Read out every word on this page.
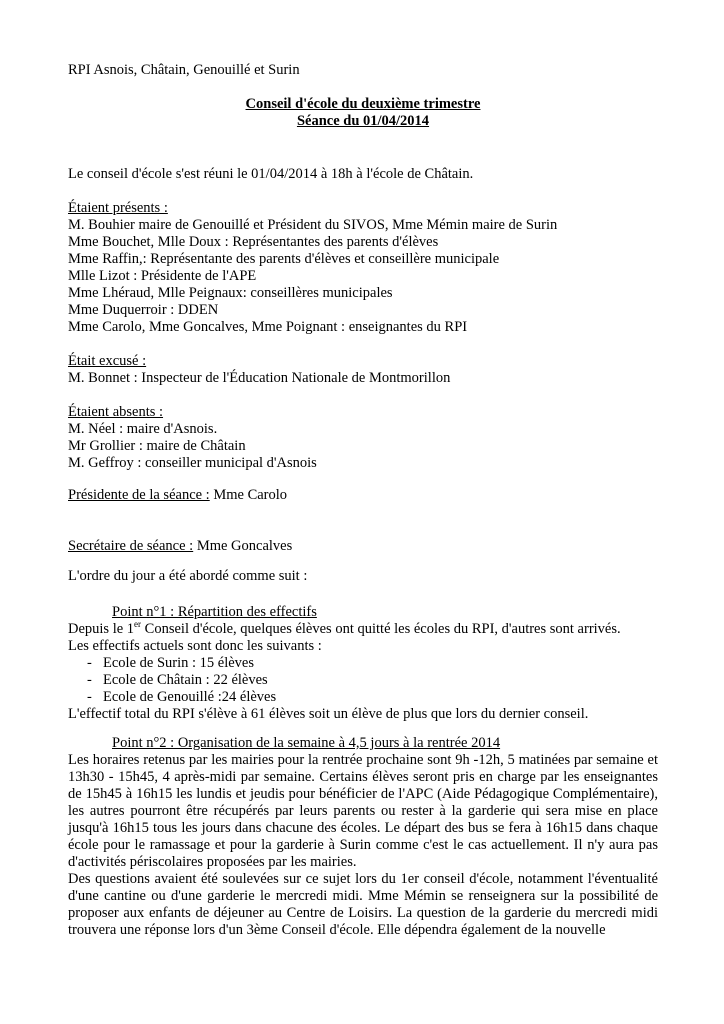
RPI Asnois, Châtain, Genouillé et Surin
Conseil d'école du deuxième trimestre
Séance du 01/04/2014
Le conseil d'école s'est réuni le 01/04/2014 à 18h à l'école de Châtain.
Étaient présents :
M. Bouhier maire de Genouillé et Président du SIVOS, Mme Mémin maire de Surin
Mme Bouchet, Mlle Doux : Représentantes des parents d'élèves
Mme Raffin,: Représentante des parents d'élèves et conseillère municipale
Mlle Lizot : Présidente de l'APE
Mme Lhéraud, Mlle Peignaux: conseillères municipales
Mme Duquerroir : DDEN
Mme Carolo, Mme Goncalves, Mme Poignant : enseignantes du RPI
Était excusé :
M. Bonnet : Inspecteur de l'Éducation Nationale de Montmorillon
Étaient absents :
M. Néel : maire d'Asnois.
Mr Grollier : maire de Châtain
M. Geffroy : conseiller municipal d'Asnois
Présidente de la séance : Mme Carolo
Secrétaire de séance : Mme Goncalves
L'ordre du jour a été abordé comme suit :
Point n°1 : Répartition des effectifs
Depuis le 1er Conseil d'école, quelques élèves ont quitté les écoles du RPI, d'autres sont arrivés.
Les effectifs actuels sont donc les suivants :
- Ecole de Surin : 15 élèves
- Ecole de Châtain : 22 élèves
- Ecole de Genouillé :24 élèves
L'effectif total du RPI s'élève à 61 élèves soit un élève de plus que lors du dernier conseil.
Point n°2 : Organisation de la semaine à 4,5 jours à la rentrée 2014
Les horaires retenus par les mairies pour la rentrée prochaine sont 9h -12h, 5 matinées par semaine et 13h30 - 15h45, 4 après-midi par semaine. Certains élèves seront pris en charge par les enseignantes de 15h45 à 16h15 les lundis et jeudis pour bénéficier de l'APC (Aide Pédagogique Complémentaire), les autres pourront être récupérés par leurs parents ou rester à la garderie qui sera mise en place jusqu'à 16h15 tous les jours dans chacune des écoles. Le départ des bus se fera à 16h15 dans chaque école pour le ramassage et pour la garderie à Surin comme c'est le cas actuellement. Il n'y aura pas d'activités périscolaires proposées par les mairies.
Des questions avaient été soulevées sur ce sujet lors du 1er conseil d'école, notamment l'éventualité d'une cantine ou d'une garderie le mercredi midi. Mme Mémin se renseignera sur la possibilité de proposer aux enfants de déjeuner au Centre de Loisirs. La question de la garderie du mercredi midi trouvera une réponse lors d'un 3ème Conseil d'école. Elle dépendra également de la nouvelle
